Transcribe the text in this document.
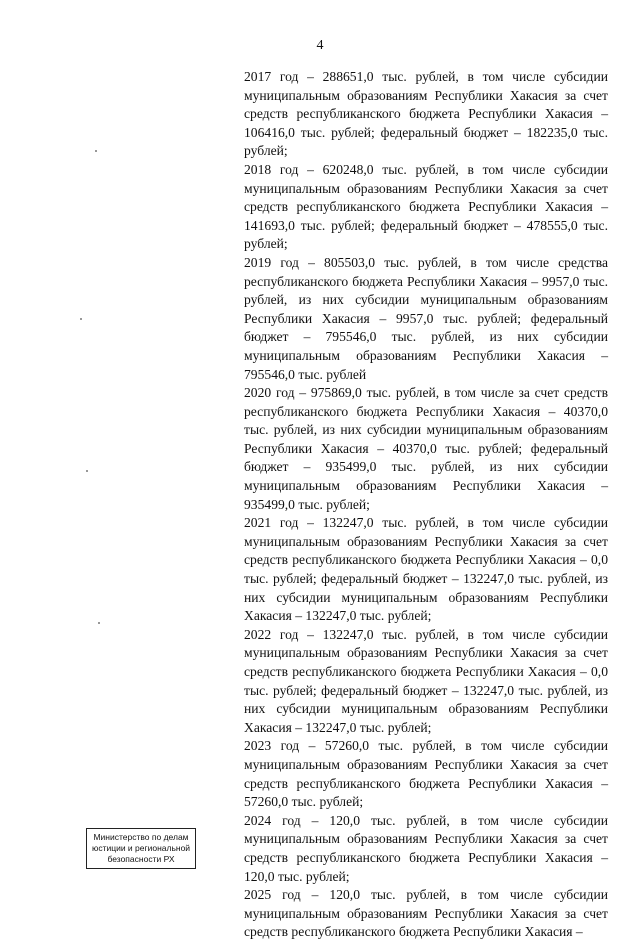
4

2017 год – 288651,0 тыс. рублей, в том числе субсидии муниципальным образованиям Республики Хакасия за счет средств республиканского бюджета Республики Хакасия – 106416,0 тыс. рублей; федеральный бюджет – 182235,0 тыс. рублей;

2018 год – 620248,0 тыс. рублей, в том числе субсидии муниципальным образованиям Республики Хакасия за счет средств республиканского бюджета Республики Хакасия – 141693,0 тыс. рублей; федеральный бюджет – 478555,0 тыс. рублей;

2019 год – 805503,0 тыс. рублей, в том числе средства республиканского бюджета Республики Хакасия – 9957,0 тыс. рублей, из них субсидии муниципальным образованиям Республики Хакасия – 9957,0 тыс. рублей; федеральный бюджет – 795546,0 тыс. рублей, из них субсидии муниципальным образованиям Республики Хакасия – 795546,0 тыс. рублей

2020 год – 975869,0 тыс. рублей, в том числе за счет средств республиканского бюджета Республики Хакасия – 40370,0 тыс. рублей, из них субсидии муниципальным образованиям Республики Хакасия – 40370,0 тыс. рублей; федеральный бюджет – 935499,0 тыс. рублей, из них субсидии муниципальным образованиям Республики Хакасия – 935499,0 тыс. рублей;

2021 год – 132247,0 тыс. рублей, в том числе субсидии муниципальным образованиям Республики Хакасия за счет средств республиканского бюджета Республики Хакасия – 0,0 тыс. рублей; федеральный бюджет – 132247,0 тыс. рублей, из них субсидии муниципальным образованиям Республики Хакасия – 132247,0 тыс. рублей;

2022 год – 132247,0 тыс. рублей, в том числе субсидии муниципальным образованиям Республики Хакасия за счет средств республиканского бюджета Республики Хакасия – 0,0 тыс. рублей; федеральный бюджет – 132247,0 тыс. рублей, из них субсидии муниципальным образованиям Республики Хакасия – 132247,0 тыс. рублей;

2023 год – 57260,0 тыс. рублей, в том числе субсидии муниципальным образованиям Республики Хакасия за счет средств республиканского бюджета Республики Хакасия – 57260,0 тыс. рублей;

2024 год – 120,0 тыс. рублей, в том числе субсидии муниципальным образованиям Республики Хакасия за счет средств республиканского бюджета Республики Хакасия – 120,0 тыс. рублей;

2025 год – 120,0 тыс. рублей, в том числе субсидии муниципальным образованиям Республики Хакасия за счет средств республиканского бюджета Республики Хакасия –

Министерство по делам
юстиции и региональной
безопасности РХ
